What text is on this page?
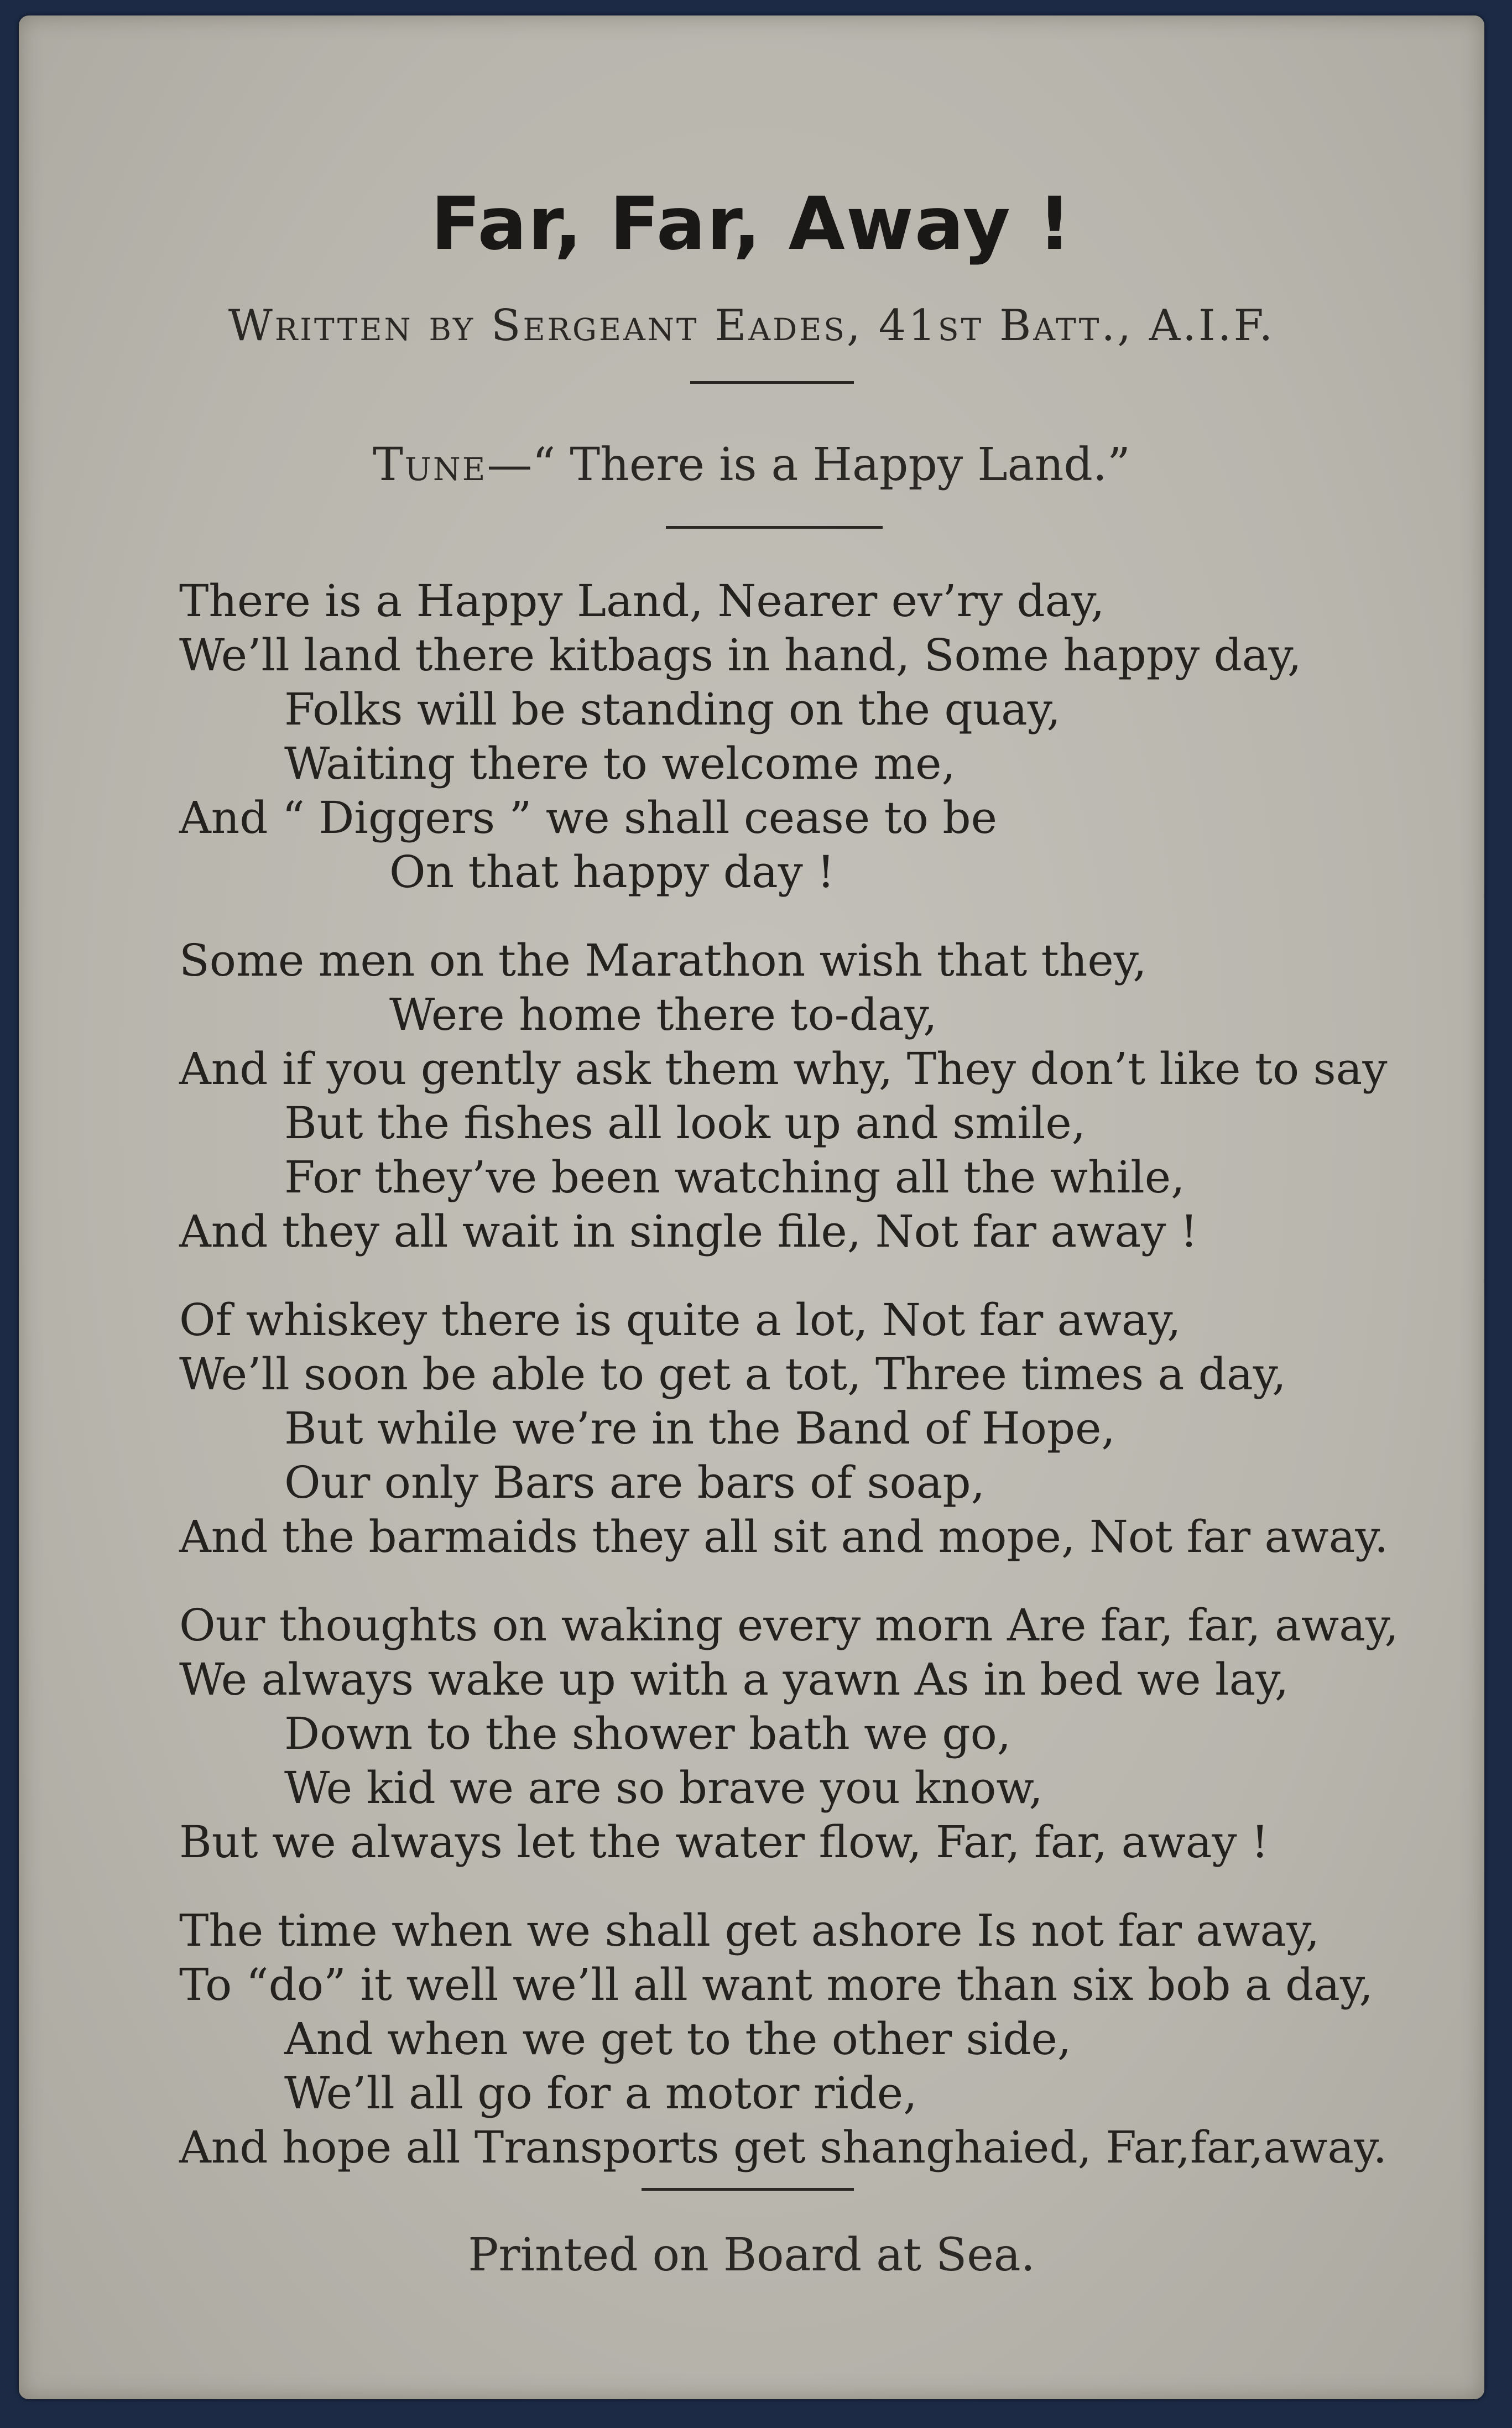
Far, Far, Away !
Written by Sergeant Eades, 41st Batt., A.I.F.
Tune—“ There is a Happy Land.”
There is a Happy Land, Nearer ev’ry day,
We’ll land there kitbags in hand, Some happy day,
Folks will be standing on the quay,
Waiting there to welcome me,
And “ Diggers ” we shall cease to be
On that happy day !
Some men on the Marathon wish that they,
Were home there to-day,
And if you gently ask them why, They don’t like to say
But the fishes all look up and smile,
For they’ve been watching all the while,
And they all wait in single file, Not far away !
Of whiskey there is quite a lot, Not far away,
We’ll soon be able to get a tot, Three times a day,
But while we’re in the Band of Hope,
Our only Bars are bars of soap,
And the barmaids they all sit and mope, Not far away.
Our thoughts on waking every morn Are far, far, away,
We always wake up with a yawn As in bed we lay,
Down to the shower bath we go,
We kid we are so brave you know,
But we always let the water flow, Far, far, away !
The time when we shall get ashore Is not far away,
To “do” it well we’ll all want more than six bob a day,
And when we get to the other side,
We’ll all go for a motor ride,
And hope all Transports get shanghaied, Far,far,away.
Printed on Board at Sea.
